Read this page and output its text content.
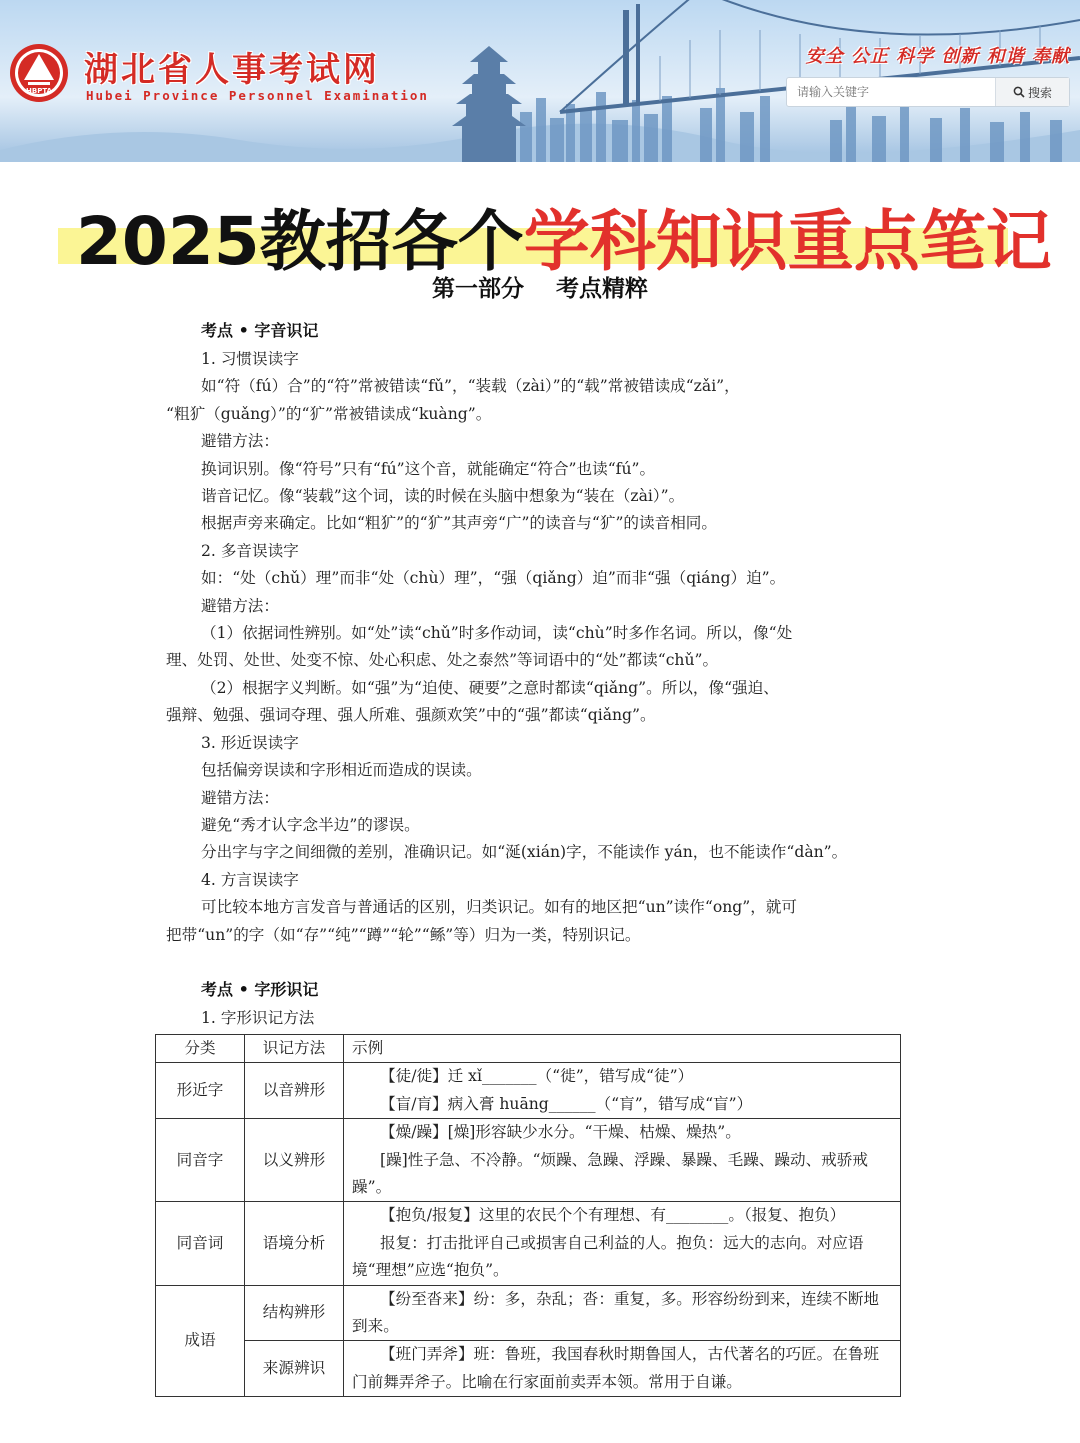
HBPTA
湖北省人事考试网
Hubei Province Personnel Examination
安全 公正 科学 创新 和谐 奉献
请输入关键字
搜索
2025教招各个学科知识重点笔记
第一部分    考点精粹
考点 • 字音识记
1. 习惯误读字
如“符（fú）合”的“符”常被错读“fǔ”，“装载（zài）”的“载”常被错读成“zǎi”，
“粗犷（guǎng）”的“犷”常被错读成“kuàng”。
避错方法：
换词识别。像“符号”只有“fú”这个音，就能确定“符合”也读“fú”。
谐音记忆。像“装载”这个词，读的时候在头脑中想象为“装在（zài）”。
根据声旁来确定。比如“粗犷”的“犷”其声旁“广”的读音与“犷”的读音相同。
2. 多音误读字
如：“处（chǔ）理”而非“处（chù）理”，“强（qiǎng）迫”而非“强（qiáng）迫”。
避错方法：
（1）依据词性辨别。如“处”读“chǔ”时多作动词，读“chù”时多作名词。所以，像“处
理、处罚、处世、处变不惊、处心积虑、处之泰然”等词语中的“处”都读“chǔ”。
（2）根据字义判断。如“强”为“迫使、硬要”之意时都读“qiǎng”。所以，像“强迫、
强辩、勉强、强词夺理、强人所难、强颜欢笑”中的“强”都读“qiǎng”。
3. 形近误读字
包括偏旁误读和字形相近而造成的误读。
避错方法：
避免“秀才认字念半边”的谬误。
分出字与字之间细微的差别，准确识记。如“涎(xián)字，不能读作 yán，也不能读作“dàn”。
4. 方言误读字
可比较本地方言发音与普通话的区别，归类识记。如有的地区把“un”读作“ong”，就可
把带“un”的字（如“存”“纯”“蹲”“轮”“鲧”等）归为一类，特别识记。
考点 • 字形识记
1. 字形识记方法
分类	识记方法	示例
形近字	以音辨形	【徒/徙】迁 xǐ_______（“徙”，错写成“徒”）
【盲/肓】病入膏 huāng______（“肓”，错写成“盲”）

同音字	以义辨形	【燥/躁】[燥]形容缺少水分。“干燥、枯燥、燥热”。
[躁]性子急、不冷静。“烦躁、急躁、浮躁、暴躁、毛躁、躁动、戒骄戒躁”。

同音词	语境分析	【抱负/报复】这里的农民个个有理想、有________。（报复、抱负）
报复：打击批评自己或损害自己利益的人。抱负：远大的志向。对应语境“理想”应选“抱负”。

成语	结构辨形	【纷至沓来】纷：多，杂乱；沓：重复，多。形容纷纷到来，连续不断地到来。

	来源辨识	【班门弄斧】班：鲁班，我国春秋时期鲁国人，古代著名的巧匠。在鲁班门前舞弄斧子。比喻在行家面前卖弄本领。常用于自谦。
